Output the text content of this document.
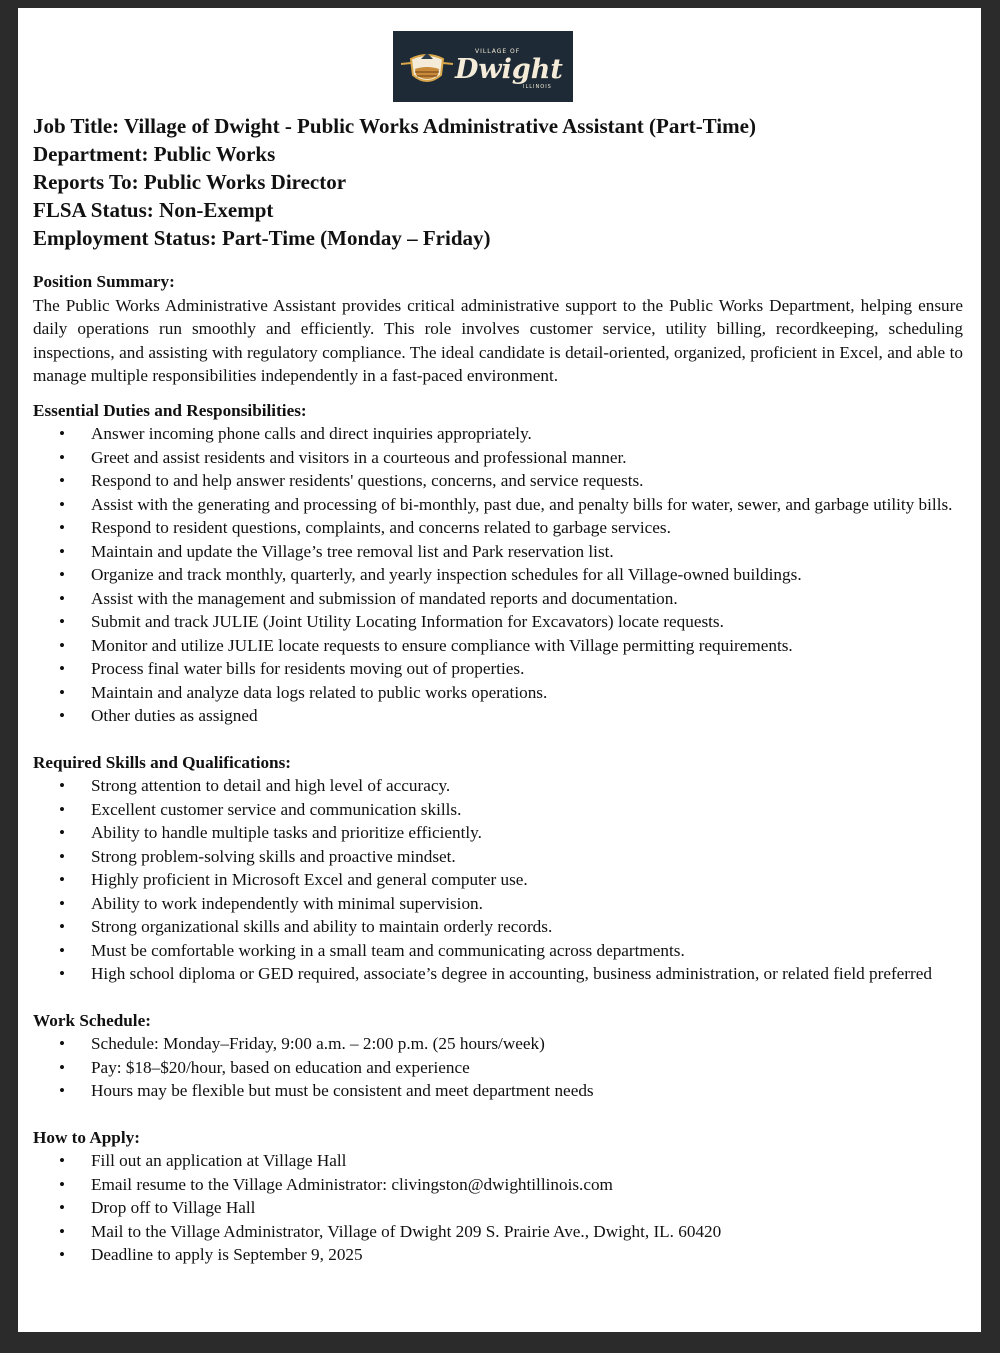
VILLAGE OF
Dwight
ILLINOIS
Job Title: Village of Dwight - Public Works Administrative Assistant (Part-Time)
Department: Public Works
Reports To: Public Works Director
FLSA Status: Non-Exempt
Employment Status: Part-Time (Monday – Friday)
Position Summary:
The Public Works Administrative Assistant provides critical administrative support to the Public Works Department, helping ensure daily operations run smoothly and efficiently. This role involves customer service, utility billing, recordkeeping, scheduling inspections, and assisting with regulatory compliance. The ideal candidate is detail-oriented, organized, proficient in Excel, and able to manage multiple responsibilities independently in a fast-paced environment.
Essential Duties and Responsibilities:
• Answer incoming phone calls and direct inquiries appropriately.
• Greet and assist residents and visitors in a courteous and professional manner.
• Respond to and help answer residents' questions, concerns, and service requests.
• Assist with the generating and processing of bi-monthly, past due, and penalty bills for water, sewer, and garbage utility bills.
• Respond to resident questions, complaints, and concerns related to garbage services.
• Maintain and update the Village’s tree removal list and Park reservation list.
• Organize and track monthly, quarterly, and yearly inspection schedules for all Village-owned buildings.
• Assist with the management and submission of mandated reports and documentation.
• Submit and track JULIE (Joint Utility Locating Information for Excavators) locate requests.
• Monitor and utilize JULIE locate requests to ensure compliance with Village permitting requirements.
• Process final water bills for residents moving out of properties.
• Maintain and analyze data logs related to public works operations.
• Other duties as assigned
Required Skills and Qualifications:
• Strong attention to detail and high level of accuracy.
• Excellent customer service and communication skills.
• Ability to handle multiple tasks and prioritize efficiently.
• Strong problem-solving skills and proactive mindset.
• Highly proficient in Microsoft Excel and general computer use.
• Ability to work independently with minimal supervision.
• Strong organizational skills and ability to maintain orderly records.
• Must be comfortable working in a small team and communicating across departments.
• High school diploma or GED required, associate’s degree in accounting, business administration, or related field preferred
Work Schedule:
• Schedule: Monday–Friday, 9:00 a.m. – 2:00 p.m. (25 hours/week)
• Pay: $18–$20/hour, based on education and experience
• Hours may be flexible but must be consistent and meet department needs
How to Apply:
• Fill out an application at Village Hall
• Email resume to the Village Administrator: clivingston@dwightillinois.com
• Drop off to Village Hall
• Mail to the Village Administrator, Village of Dwight 209 S. Prairie Ave., Dwight, IL. 60420
• Deadline to apply is September 9, 2025
